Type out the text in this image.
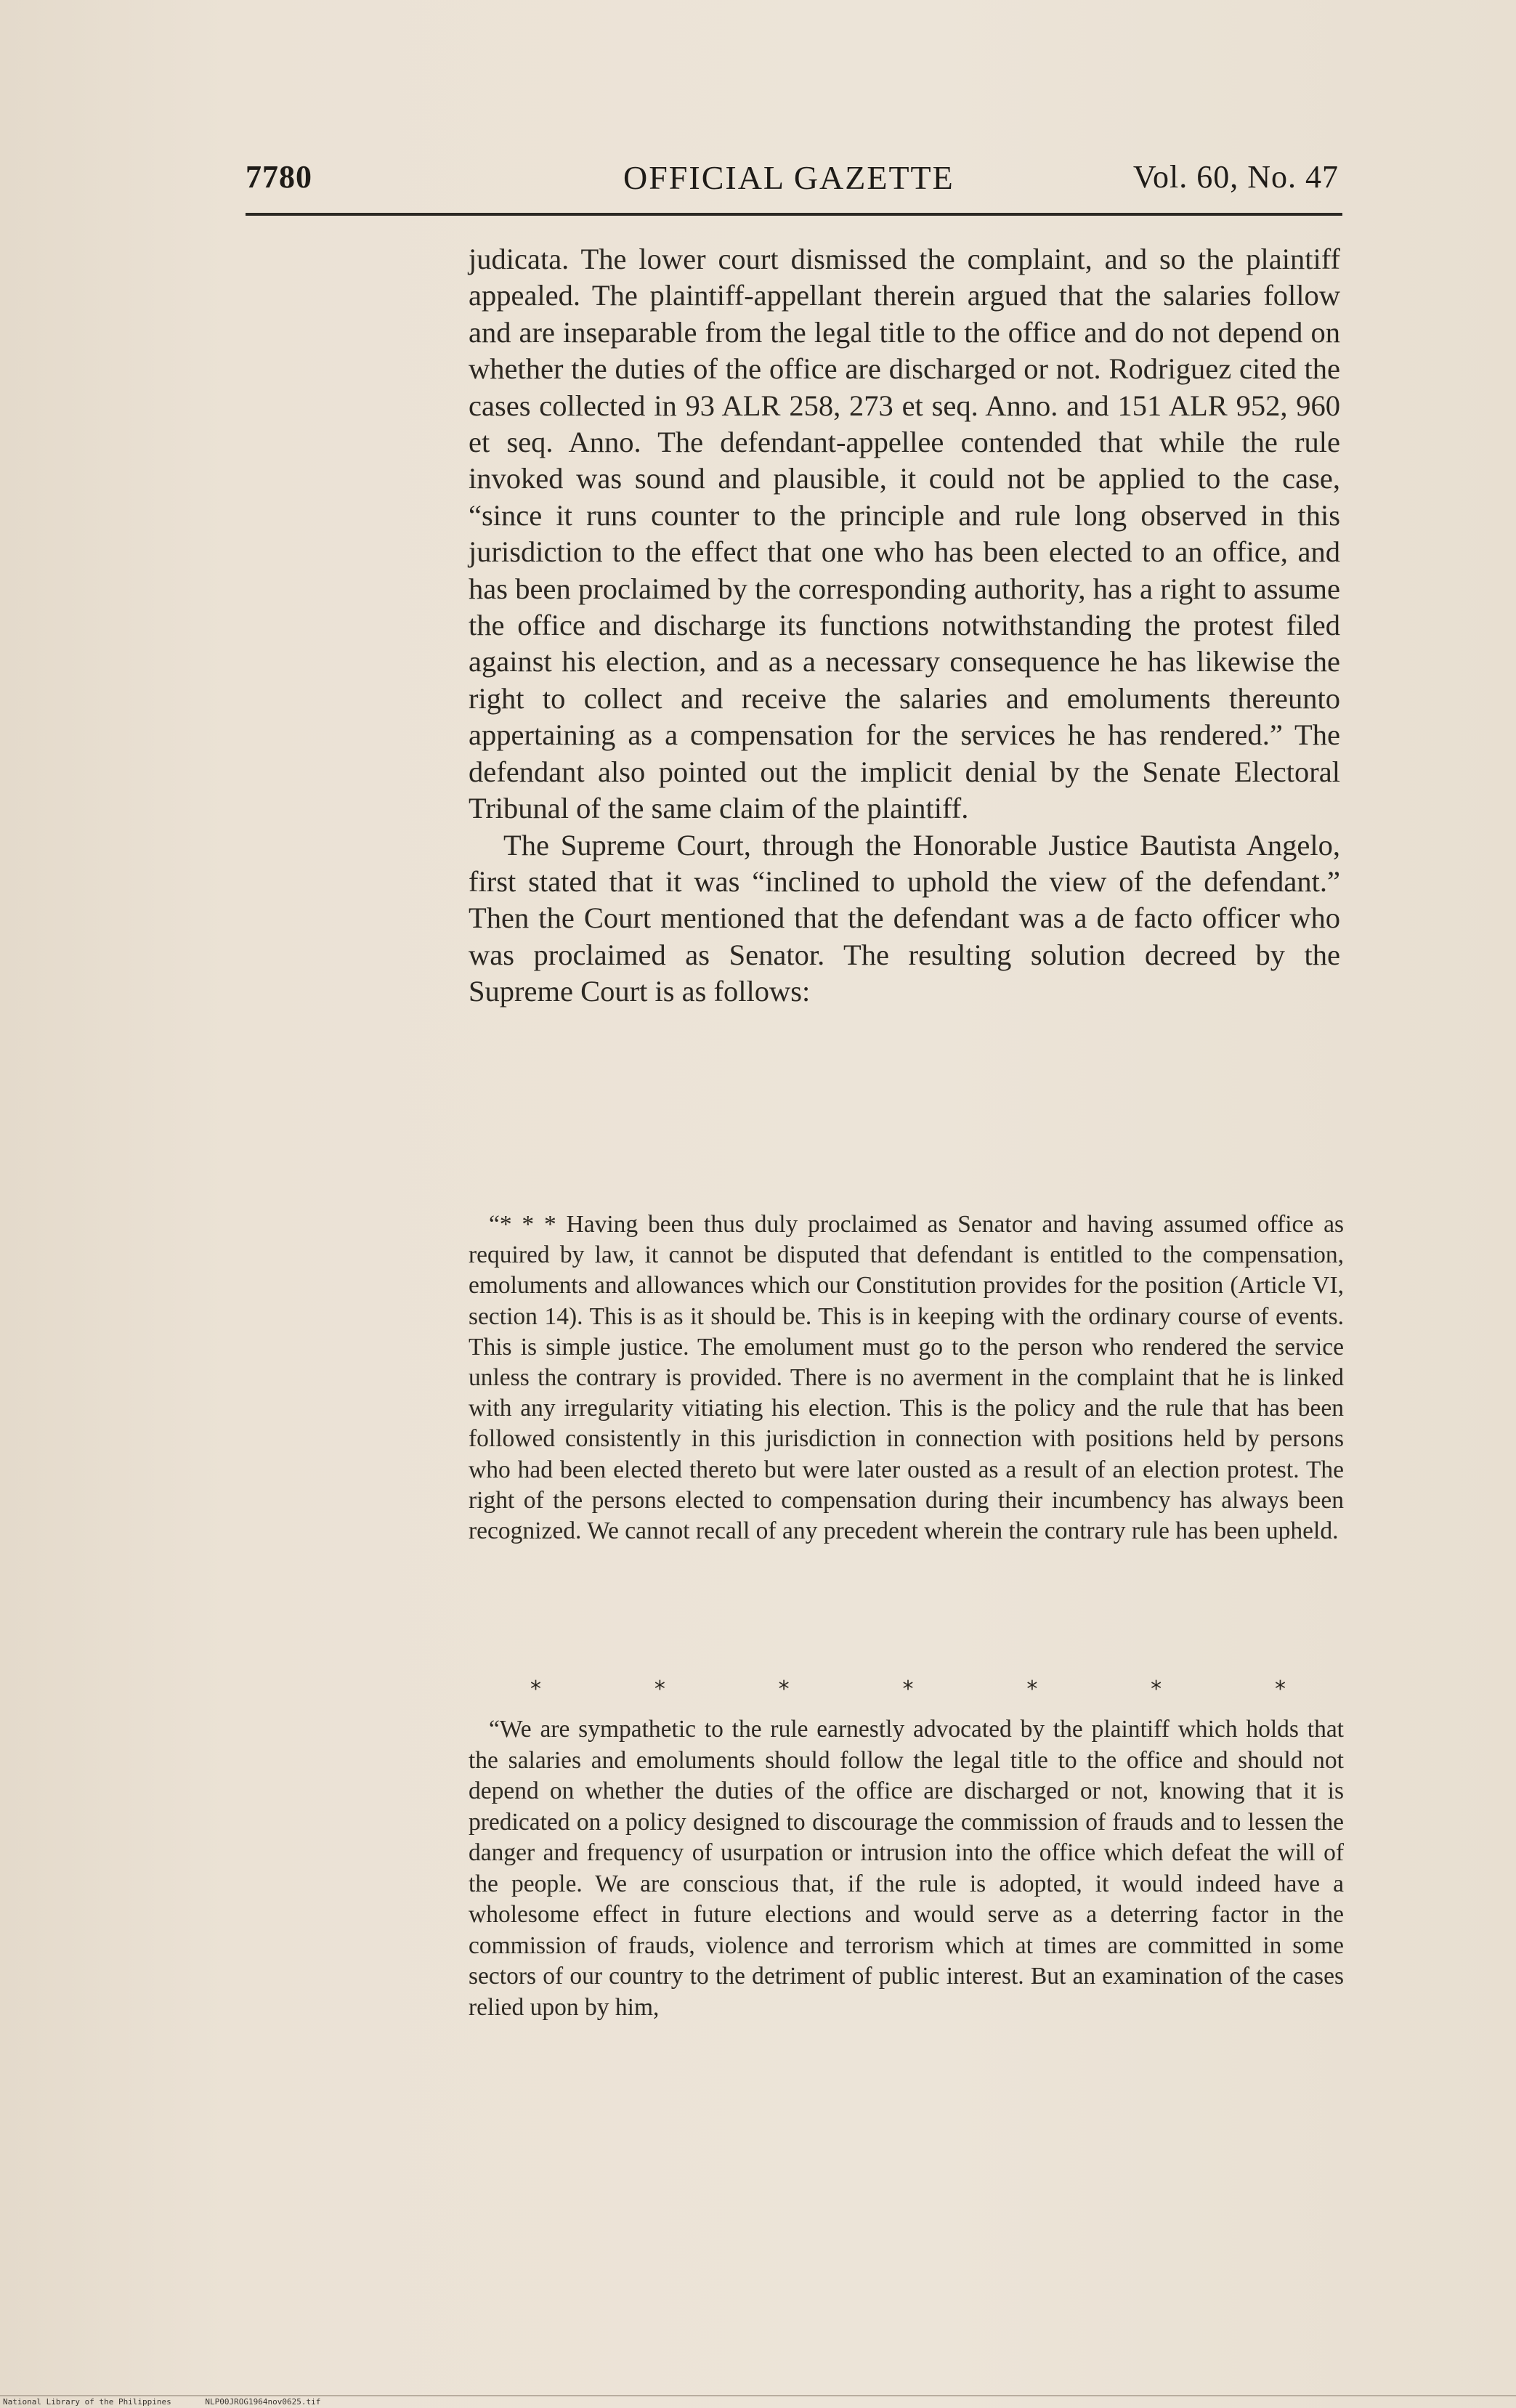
7780	OFFICIAL GAZETTE	Vol. 60, No. 47

judicata. The lower court dismissed the complaint, and so the plaintiff appealed. The plaintiff-appellant therein argued that the salaries follow and are inseparable from the legal title to the office and do not depend on whether the duties of the office are discharged or not. Rodriguez cited the cases collected in 93 ALR 258, 273 et seq. Anno. and 151 ALR 952, 960 et seq. Anno. The defendant-appellee contended that while the rule invoked was sound and plausible, it could not be applied to the case, “since it runs counter to the principle and rule long observed in this jurisdiction to the effect that one who has been elected to an office, and has been proclaimed by the corresponding authority, has a right to assume the office and discharge its functions notwithstanding the protest filed against his election, and as a necessary consequence he has likewise the right to collect and receive the salaries and emoluments thereunto appertaining as a compensation for the services he has rendered.” The defendant also pointed out the implicit denial by the Senate Electoral Tribunal of the same claim of the plaintiff.

The Supreme Court, through the Honorable Justice Bautista Angelo, first stated that it was “inclined to uphold the view of the defendant.” Then the Court mentioned that the defendant was a de facto officer who was proclaimed as Senator. The resulting solution decreed by the Supreme Court is as follows:

“* * * Having been thus duly proclaimed as Senator and having assumed office as required by law, it cannot be disputed that defendant is entitled to the compensation, emoluments and allowances which our Constitution provides for the position (Article VI, section 14). This is as it should be. This is in keeping with the ordinary course of events. This is simple justice. The emolument must go to the person who rendered the service unless the contrary is provided. There is no averment in the complaint that he is linked with any irregularity vitiating his election. This is the policy and the rule that has been followed consistently in this jurisdiction in connection with positions held by persons who had been elected thereto but were later ousted as a result of an election protest. The right of the persons elected to compensation during their incumbency has always been recognized. We cannot recall of any precedent wherein the contrary rule has been upheld.

*	*	*	*	*	*	*

“We are sympathetic to the rule earnestly advocated by the plaintiff which holds that the salaries and emoluments should follow the legal title to the office and should not depend on whether the duties of the office are discharged or not, knowing that it is predicated on a policy designed to discourage the commission of frauds and to lessen the danger and frequency of usurpation or intrusion into the office which defeat the will of the people. We are conscious that, if the rule is adopted, it would indeed have a wholesome effect in future elections and would serve as a deterring factor in the commission of frauds, violence and terrorism which at times are committed in some sectors of our country to the detriment of public interest. But an examination of the cases relied upon by him,

National Library of the Philippines	NLP00JROG1964nov0625.tif
